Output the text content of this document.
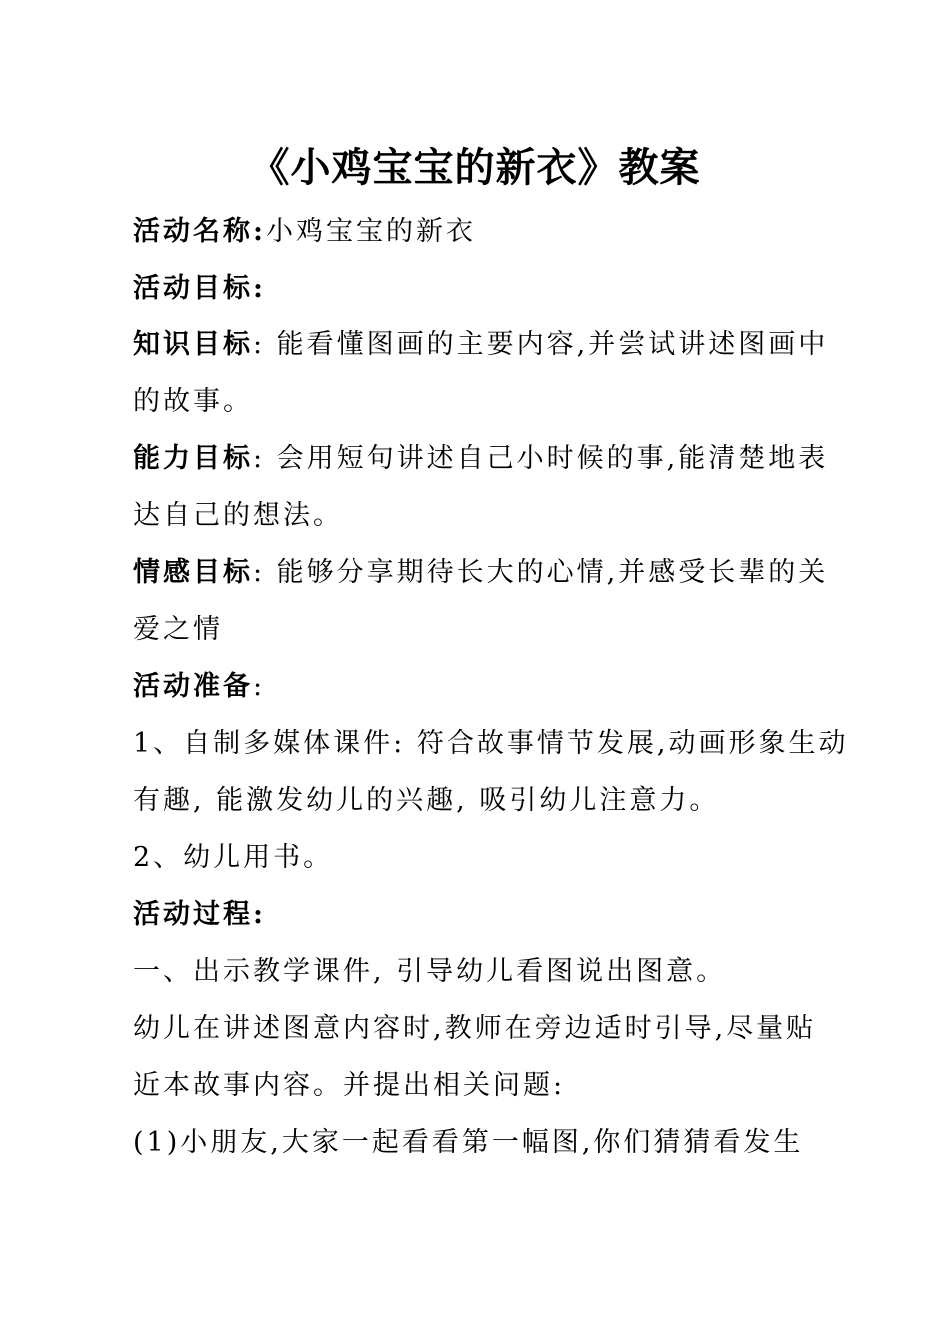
《小鸡宝宝的新衣》教案
活动名称:小鸡宝宝的新衣
活动目标:
知识目标: 能看懂图画的主要内容,并尝试讲述图画中
的故事。
能力目标: 会用短句讲述自己小时候的事,能清楚地表
达自己的想法。
情感目标: 能够分享期待长大的心情,并感受长辈的关
爱之情
活动准备:
1、自制多媒体课件: 符合故事情节发展,动画形象生动
有趣, 能激发幼儿的兴趣, 吸引幼儿注意力。
2、幼儿用书。
活动过程:
一、出示教学课件, 引导幼儿看图说出图意。
幼儿在讲述图意内容时,教师在旁边适时引导,尽量贴
近本故事内容。并提出相关问题:
(1)小朋友,大家一起看看第一幅图,你们猜猜看发生
